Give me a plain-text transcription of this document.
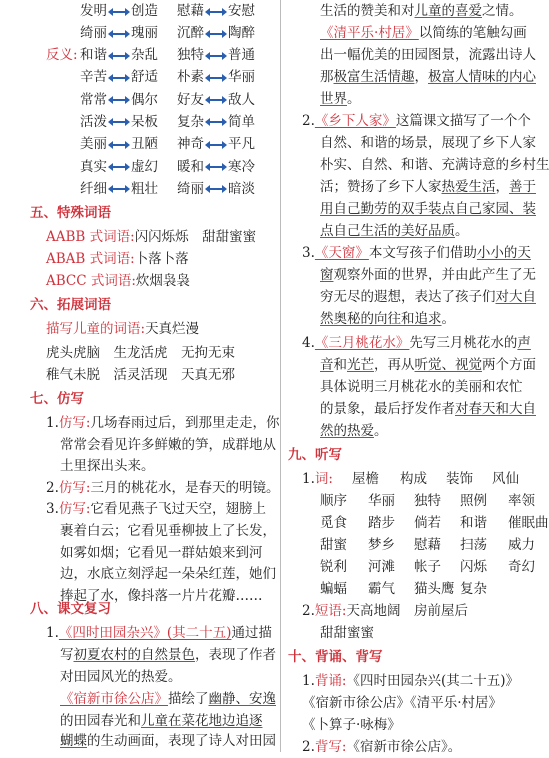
发明 创造 慰藉 安慰
绮丽 瑰丽 沉醉 陶醉
反义: 和谐 杂乱 独特 普通
辛苦 舒适 朴素 华丽
常常 偶尔 好友 敌人
活泼 呆板 复杂 简单
美丽 丑陋 神奇 平凡
真实 虚幻 暖和 寒冷
纤细 粗壮 绮丽 暗淡
五、特殊词语
AABB 式词语:闪闪烁烁　甜甜蜜蜜
ABAB 式词语:卜落卜落
ABCC 式词语:炊烟袅袅
六、拓展词语
描写儿童的词语:天真烂漫
虎头虎脑　生龙活虎　无拘无束
稚气未脱　活灵活现　天真无邪
七、仿写
1.仿写:几场春雨过后，到那里走走，你
常常会看见许多鲜嫩的笋，成群地从
土里探出头来。
2.仿写:三月的桃花水，是春天的明镜。
3.仿写:它看见燕子飞过天空，翅膀上
裹着白云；它看见垂柳披上了长发，
如雾如烟；它看见一群姑娘来到河
边，水底立刻浮起一朵朵红莲，她们
捧起了水，像抖落一片片花瓣……
八、课文复习
1.《四时田园杂兴》(其二十五)通过描
写初夏农村的自然景色，表现了作者
对田园风光的热爱。
《宿新市徐公店》描绘了幽静、安逸
的田园春光和儿童在菜花地边追逐
蝴蝶的生动画面，表现了诗人对田园
生活的赞美和对儿童的喜爱之情。
《清平乐·村居》以简练的笔触勾画
出一幅优美的田园图景，流露出诗人
那极富生活情趣，极富人情味的内心
世界。
2.《乡下人家》这篇课文描写了一个个
自然、和谐的场景，展现了乡下人家
朴实、自然、和谐、充满诗意的乡村生
活；赞扬了乡下人家热爱生活，善于
用自己勤劳的双手装点自己家园、装
点自己生活的美好品质。
3.《天窗》本文写孩子们借助小小的天
窗观察外面的世界，并由此产生了无
穷无尽的遐想，表达了孩子们对大自
然奥秘的向往和追求。
4.《三月桃花水》先写三月桃花水的声
音和光芒，再从听觉、视觉两个方面
具体说明三月桃花水的美丽和农忙
的景象，最后抒发作者对春天和大自
然的热爱。
九、听写
1.词: 屋檐 构成 装饰 风仙
顺序 华丽 独特 照例 率领
觅食 踏步 倘若 和谐 催眠曲
甜蜜 梦乡 慰藉 扫荡 威力
锐利 河滩 帐子 闪烁 奇幻
蝙蝠 霸气 猫头鹰 复杂
2.短语:天高地阔　房前屋后
甜甜蜜蜜
十、背诵、背写
1.背诵:《四时田园杂兴(其二十五)》
《宿新市徐公店》《清平乐·村居》
《卜算子·咏梅》
2.背写:《宿新市徐公店》。
